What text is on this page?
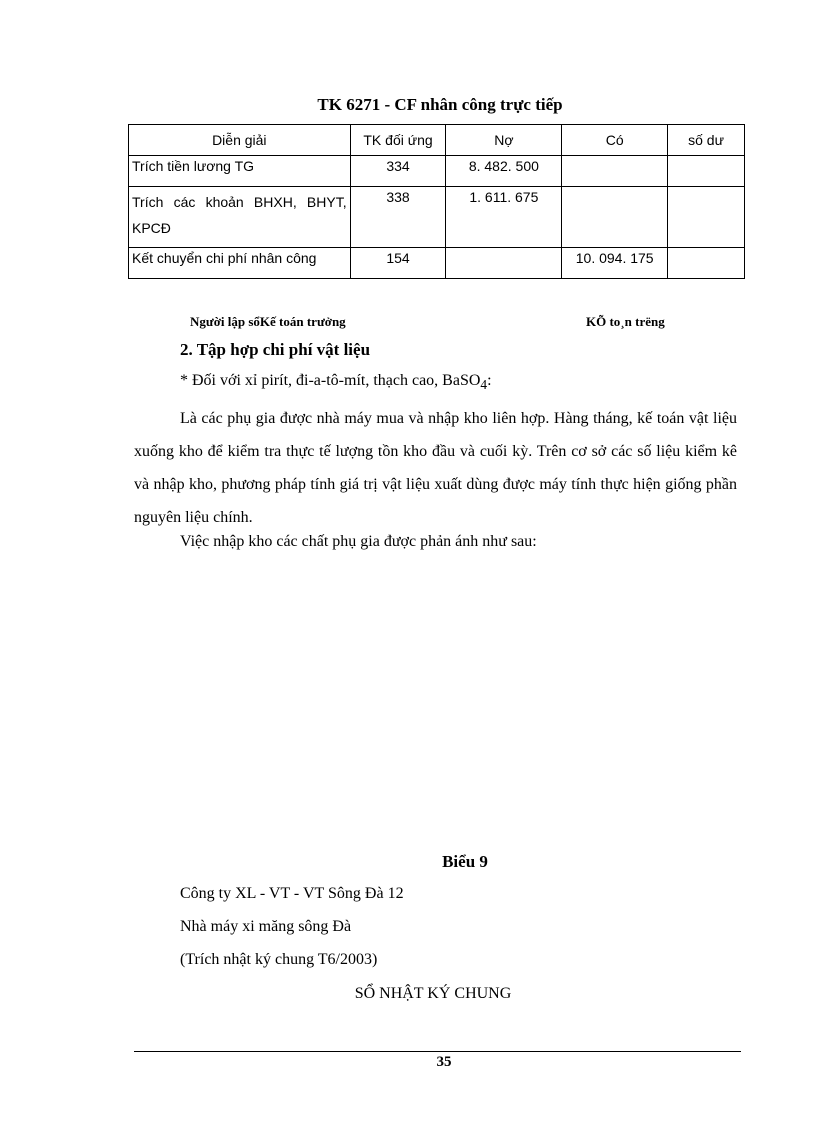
TK 6271 - CF nhân công trực tiếp
Diễn giải	TK đối ứng	Nợ	Có	số dư
Trích tiền lương TG	334	8. 482. 500		
Trích các khoản BHXH, BHYT, KPCĐ	338	1. 611. 675		
Kết chuyển chi phí nhân công	154		10. 094. 175	
Người lập sổKế toán trưởng	KÕ to¸n trëng
2. Tập hợp chi phí vật liệu
* Đối với xỉ pirít, đi-a-tô-mít, thạch cao, BaSO$_4$:
Là các phụ gia được nhà máy mua và nhập kho liên hợp. Hàng tháng, kế toán vật liệu xuống kho để kiểm tra thực tế lượng tồn kho đầu và cuối kỳ. Trên cơ sở các số liệu kiểm kê và nhập kho, phương pháp tính giá trị vật liệu xuất dùng được máy tính thực hiện giống phần nguyên liệu chính.
Việc nhập kho các chất phụ gia được phản ánh như sau:
Biểu 9
Công ty XL - VT - VT Sông Đà 12
Nhà máy xi măng sông Đà
(Trích nhật ký chung T6/2003)
SỔ NHẬT KÝ CHUNG
35
